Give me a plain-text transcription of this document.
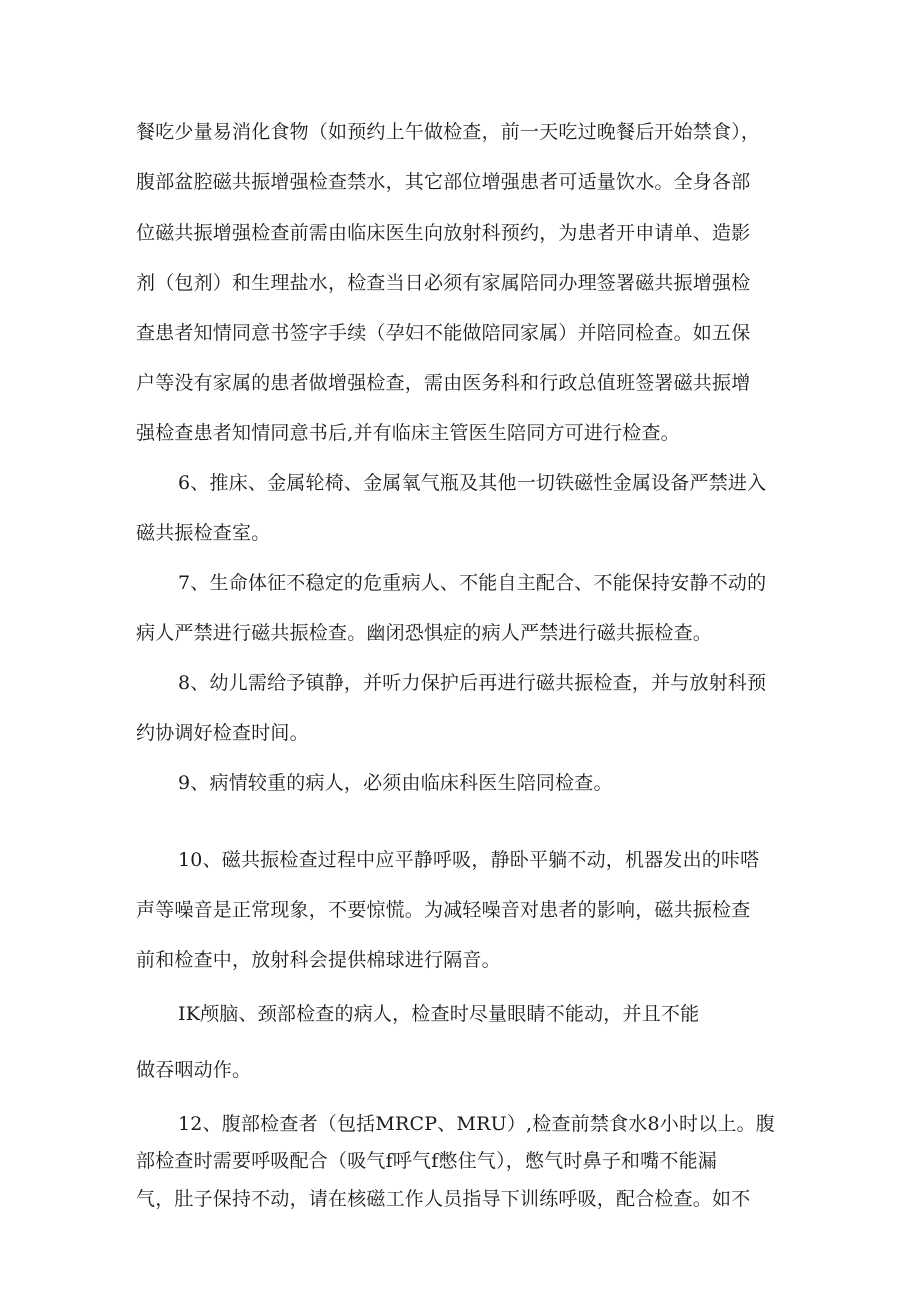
餐吃少量易消化食物（如预约上午做检查，前一天吃过晚餐后开始禁食），
腹部盆腔磁共振增强检查禁水，其它部位增强患者可适量饮水。全身各部
位磁共振增强检查前需由临床医生向放射科预约，为患者开申请单、造影
剂（包剂）和生理盐水，检查当日必须有家属陪同办理签署磁共振增强检
查患者知情同意书签字手续（孕妇不能做陪同家属）并陪同检查。如五保
户等没有家属的患者做增强检查，需由医务科和行政总值班签署磁共振增
强检查患者知情同意书后,并有临床主管医生陪同方可进行检查。
6、推床、金属轮椅、金属氧气瓶及其他一切铁磁性金属设备严禁进入
磁共振检查室。
7、生命体征不稳定的危重病人、不能自主配合、不能保持安静不动的
病人严禁进行磁共振检查。幽闭恐惧症的病人严禁进行磁共振检查。
8、幼儿需给予镇静，并听力保护后再进行磁共振检查，并与放射科预
约协调好检查时间。
9、病情较重的病人，必须由临床科医生陪同检查。
10、磁共振检查过程中应平静呼吸，静卧平躺不动，机器发出的咔嗒
声等噪音是正常现象，不要惊慌。为减轻噪音对患者的影响，磁共振检查
前和检查中，放射科会提供棉球进行隔音。
IK颅脑、颈部检查的病人，检查时尽量眼睛不能动，并且不能
做吞咽动作。
12、腹部检查者（包括MRCP、MRU）,检查前禁食水8小时以上。腹
部检查时需要呼吸配合（吸气f呼气f憋住气），憋气时鼻子和嘴不能漏
气，肚子保持不动，请在核磁工作人员指导下训练呼吸，配合检查。如不
